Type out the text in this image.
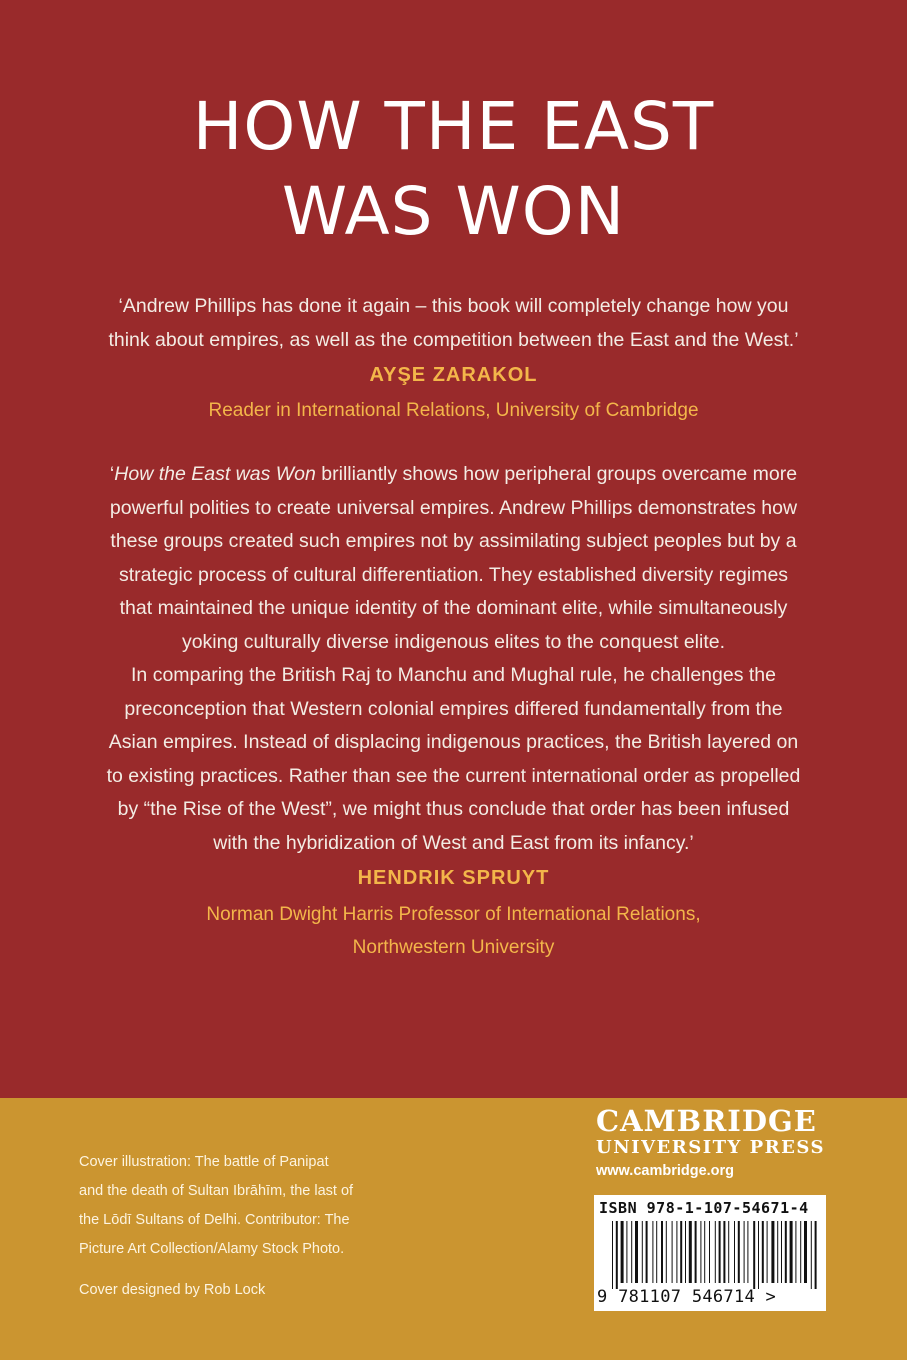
HOW THE EAST
WAS WON

‘Andrew Phillips has done it again – this book will completely change how you

think about empires, as well as the competition between the East and the West.’

AYŞE ZARAKOL
Reader in International Relations, University of Cambridge

‘How the East was Won brilliantly shows how peripheral groups overcame more

powerful polities to create universal empires. Andrew Phillips demonstrates how

these groups created such empires not by assimilating subject peoples but by a

strategic process of cultural differentiation. They established diversity regimes

that maintained the unique identity of the dominant elite, while simultaneously

yoking culturally diverse indigenous elites to the conquest elite.

In comparing the British Raj to Manchu and Mughal rule, he challenges the

preconception that Western colonial empires differed fundamentally from the

Asian empires. Instead of displacing indigenous practices, the British layered on

to existing practices. Rather than see the current international order as propelled

by “the Rise of the West”, we might thus conclude that order has been infused

with the hybridization of West and East from its infancy.’

HENDRIK SPRUYT
Norman Dwight Harris Professor of International Relations,
Northwestern University
Cover illustration: The battle of Panipat
and the death of Sultan Ibrāhīm, the last of
the Lōdī Sultans of Delhi. Contributor: The
Picture Art Collection/Alamy Stock Photo.
Cover designed by Rob Lock
CAMBRIDGE
UNIVERSITY PRESS
www.cambridge.org
ISBN 978-1-107-54671-4
9 781107 546714 >
